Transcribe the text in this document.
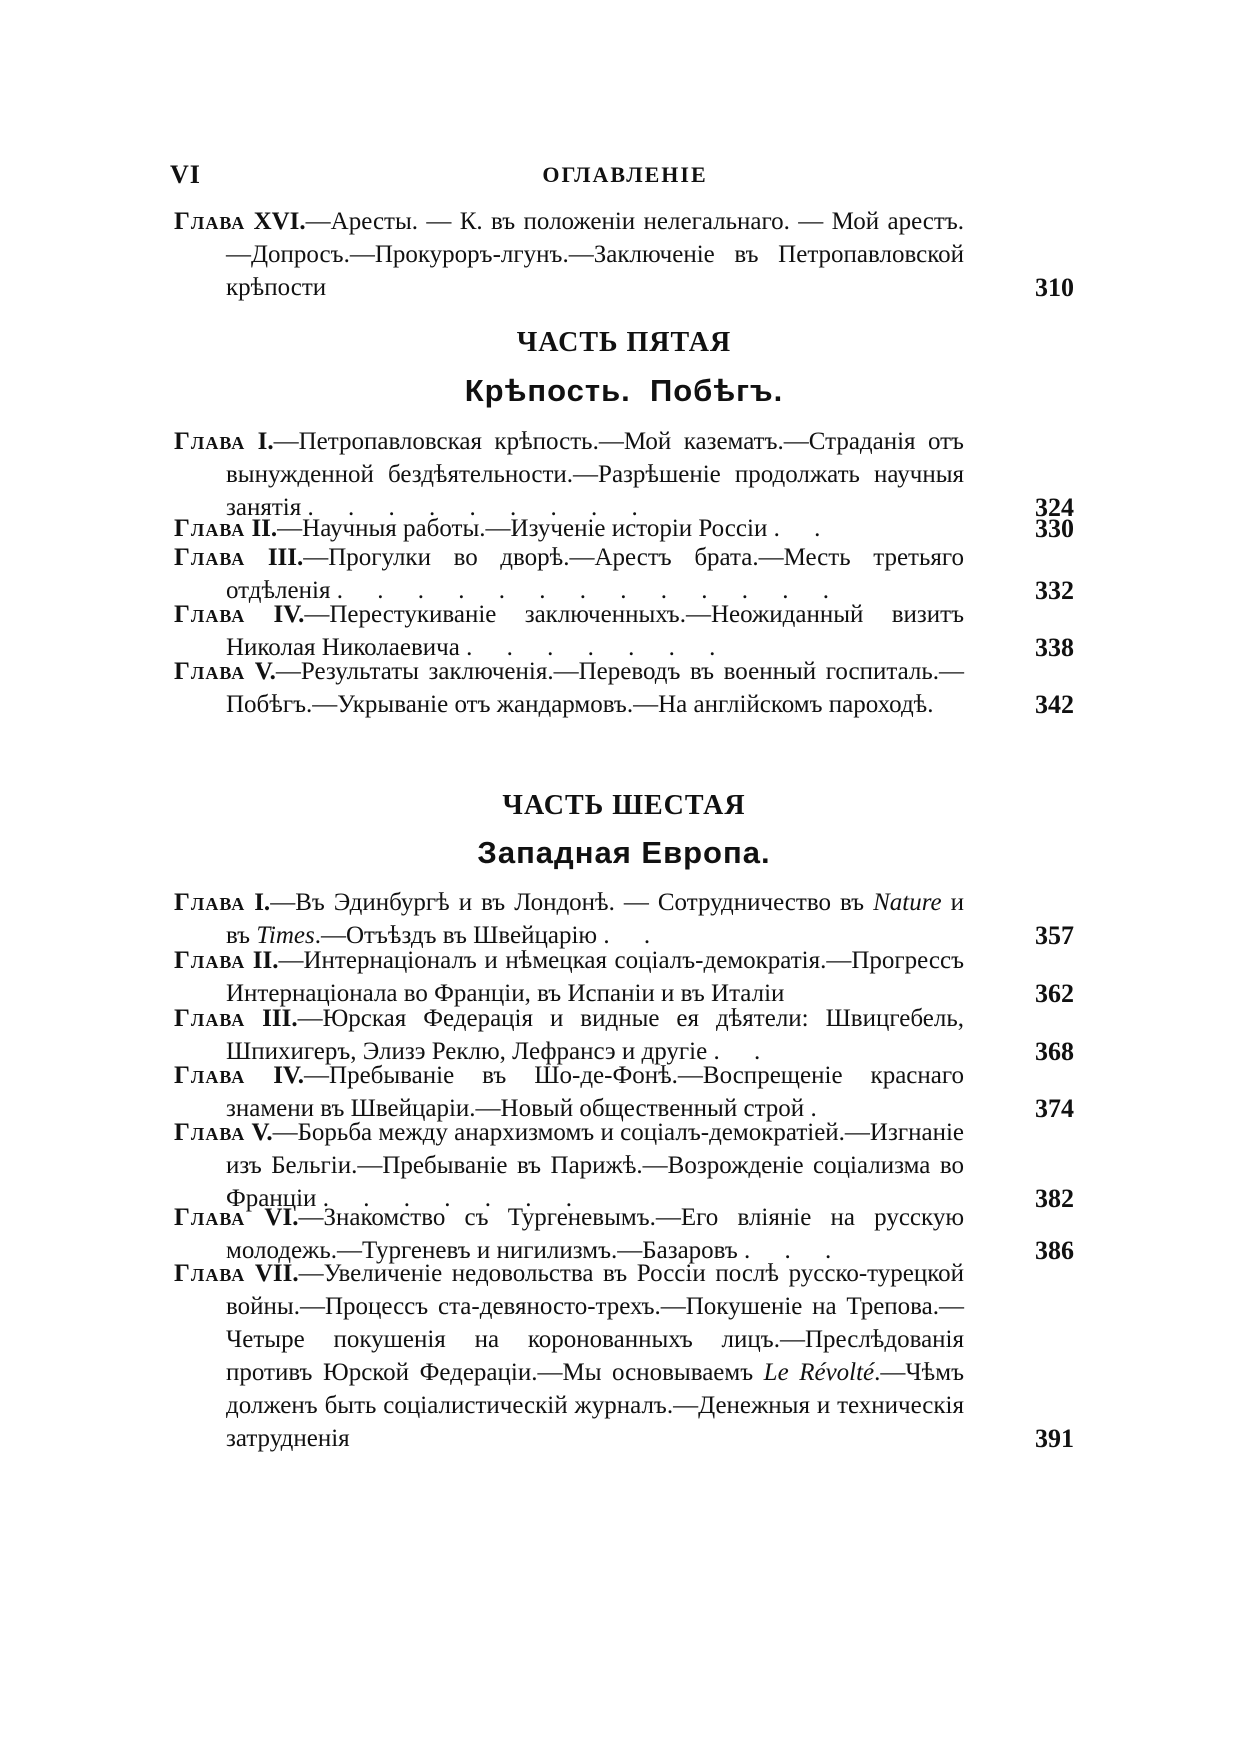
VI	ОГЛАВЛЕНІЕ
Глава XVI.—Аресты. — К. въ положеніи нелегальнаго. — Мой арестъ.—Допросъ.—Прокуроръ-лгунъ.—Заключеніе въ Петропавловской крѣпости	310
ЧАСТЬ ПЯТАЯ
Крѣпость.  Побѣгъ.
Глава I.—Петропавловская крѣпость.—Мой казематъ.—Страданія отъ вынужденной бездѣятельности.—Разрѣшеніе продолжать научныя занятія . . . . . . . . .	324
Глава II.—Научныя работы.—Изученіе исторіи Россіи . .	330
Глава III.—Прогулки во дворѣ.—Арестъ брата.—Месть третьяго отдѣленія . . . . . . . . . . . . .	332
Глава IV.—Перестукиваніе заключенныхъ.—Неожиданный визитъ Николая Николаевича . . . . . . .	338
Глава V.—Результаты заключенія.—Переводъ въ военный госпиталь.—Побѣгъ.—Укрываніе отъ жандармовъ.—На англійскомъ пароходѣ.	342
ЧАСТЬ ШЕСТАЯ
Западная Европа.
Глава I.—Въ Эдинбургѣ и въ Лондонѣ. — Сотрудничество въ Nature и въ Times.—Отъѣздъ въ Швейцарію . .	357
Глава II.—Интернаціоналъ и нѣмецкая соціалъ-демократія.—Прогрессъ Интернаціонала во Франціи, въ Испаніи и въ Италіи	362
Глава III.—Юрская Федерація и видные ея дѣятели: Швицгебель, Шпихигеръ, Элизэ Реклю, Лефрансэ и другіе . .	368
Глава IV.—Пребываніе въ Шо-де-Фонѣ.—Воспрещеніе краснаго знамени въ Швейцаріи.—Новый общественный строй .	374
Глава V.—Борьба между анархизмомъ и соціалъ-демократіей.—Изгнаніе изъ Бельгіи.—Пребываніе въ Парижѣ.—Возрожденіе соціализма во Франціи . . . . . . .	382
Глава VI.—Знакомство съ Тургеневымъ.—Его вліяніе на русскую молодежь.—Тургеневъ и нигилизмъ.—Базаровъ . . .	386
Глава VII.—Увеличеніе недовольства въ Россіи послѣ русско-турецкой войны.—Процессъ ста-девяносто-трехъ.—Покушеніе на Трепова.—Четыре покушенія на коронованныхъ лицъ.—Преслѣдованія противъ Юрской Федераціи.—Мы основываемъ Le Révolté.—Чѣмъ долженъ быть соціалистическій журналъ.—Денежныя и техническія затрудненія	391
